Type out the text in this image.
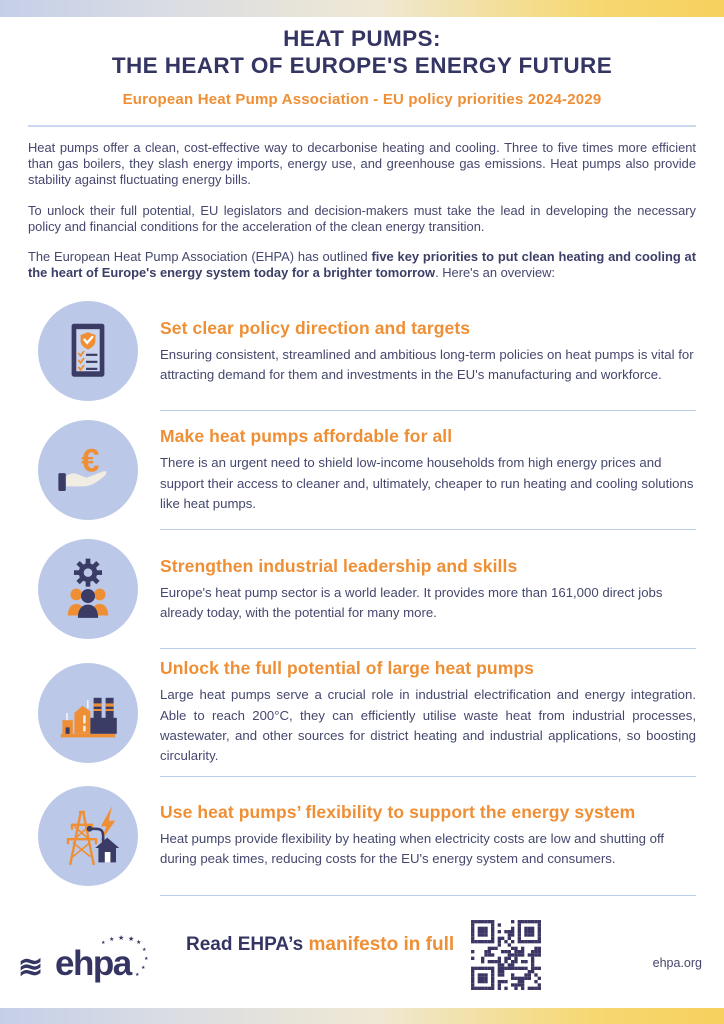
HEAT PUMPS:
THE HEART OF EUROPE'S ENERGY FUTURE
European Heat Pump Association - EU policy priorities 2024-2029

Heat pumps offer a clean, cost-effective way to decarbonise heating and cooling. Three to five times more efficient than gas boilers, they slash energy imports, energy use, and greenhouse gas emissions. Heat pumps also provide stability against fluctuating energy bills.

To unlock their full potential, EU legislators and decision-makers must take the lead in developing the necessary policy and financial conditions for the acceleration of the clean energy transition.

The European Heat Pump Association (EHPA) has outlined five key priorities to put clean heating and cooling at the heart of Europe's energy system today for a brighter tomorrow. Here's an overview:

Set clear policy direction and targets

Ensuring consistent, streamlined and ambitious long-term policies on heat pumps is vital for attracting demand for them and investments in the EU's manufacturing and workforce.

€
Make heat pumps affordable for all

There is an urgent need to shield low-income households from high energy prices and support their access to cleaner and, ultimately, cheaper to run heating and cooling solutions like heat pumps.

Strengthen industrial leadership and skills

Europe's heat pump sector is a world leader. It provides more than 161,000 direct jobs already today, with the potential for many more.

Unlock the full potential of large heat pumps

Large heat pumps serve a crucial role in industrial electrification and energy integration. Able to reach 200°C, they can efficiently utilise waste heat from industrial processes, wastewater, and other sources for district heating and industrial applications, so boosting circularity.

Use heat pumps’ flexibility to support the energy system

Heat pumps provide flexibility by heating when electricity costs are low and shutting off during peak times, reducing costs for the EU's energy system and consumers.

Read EHPA’s manifesto in full
≋
ehpa
★
★
★
★
★
★ ★ ★
★	ehpa.org
